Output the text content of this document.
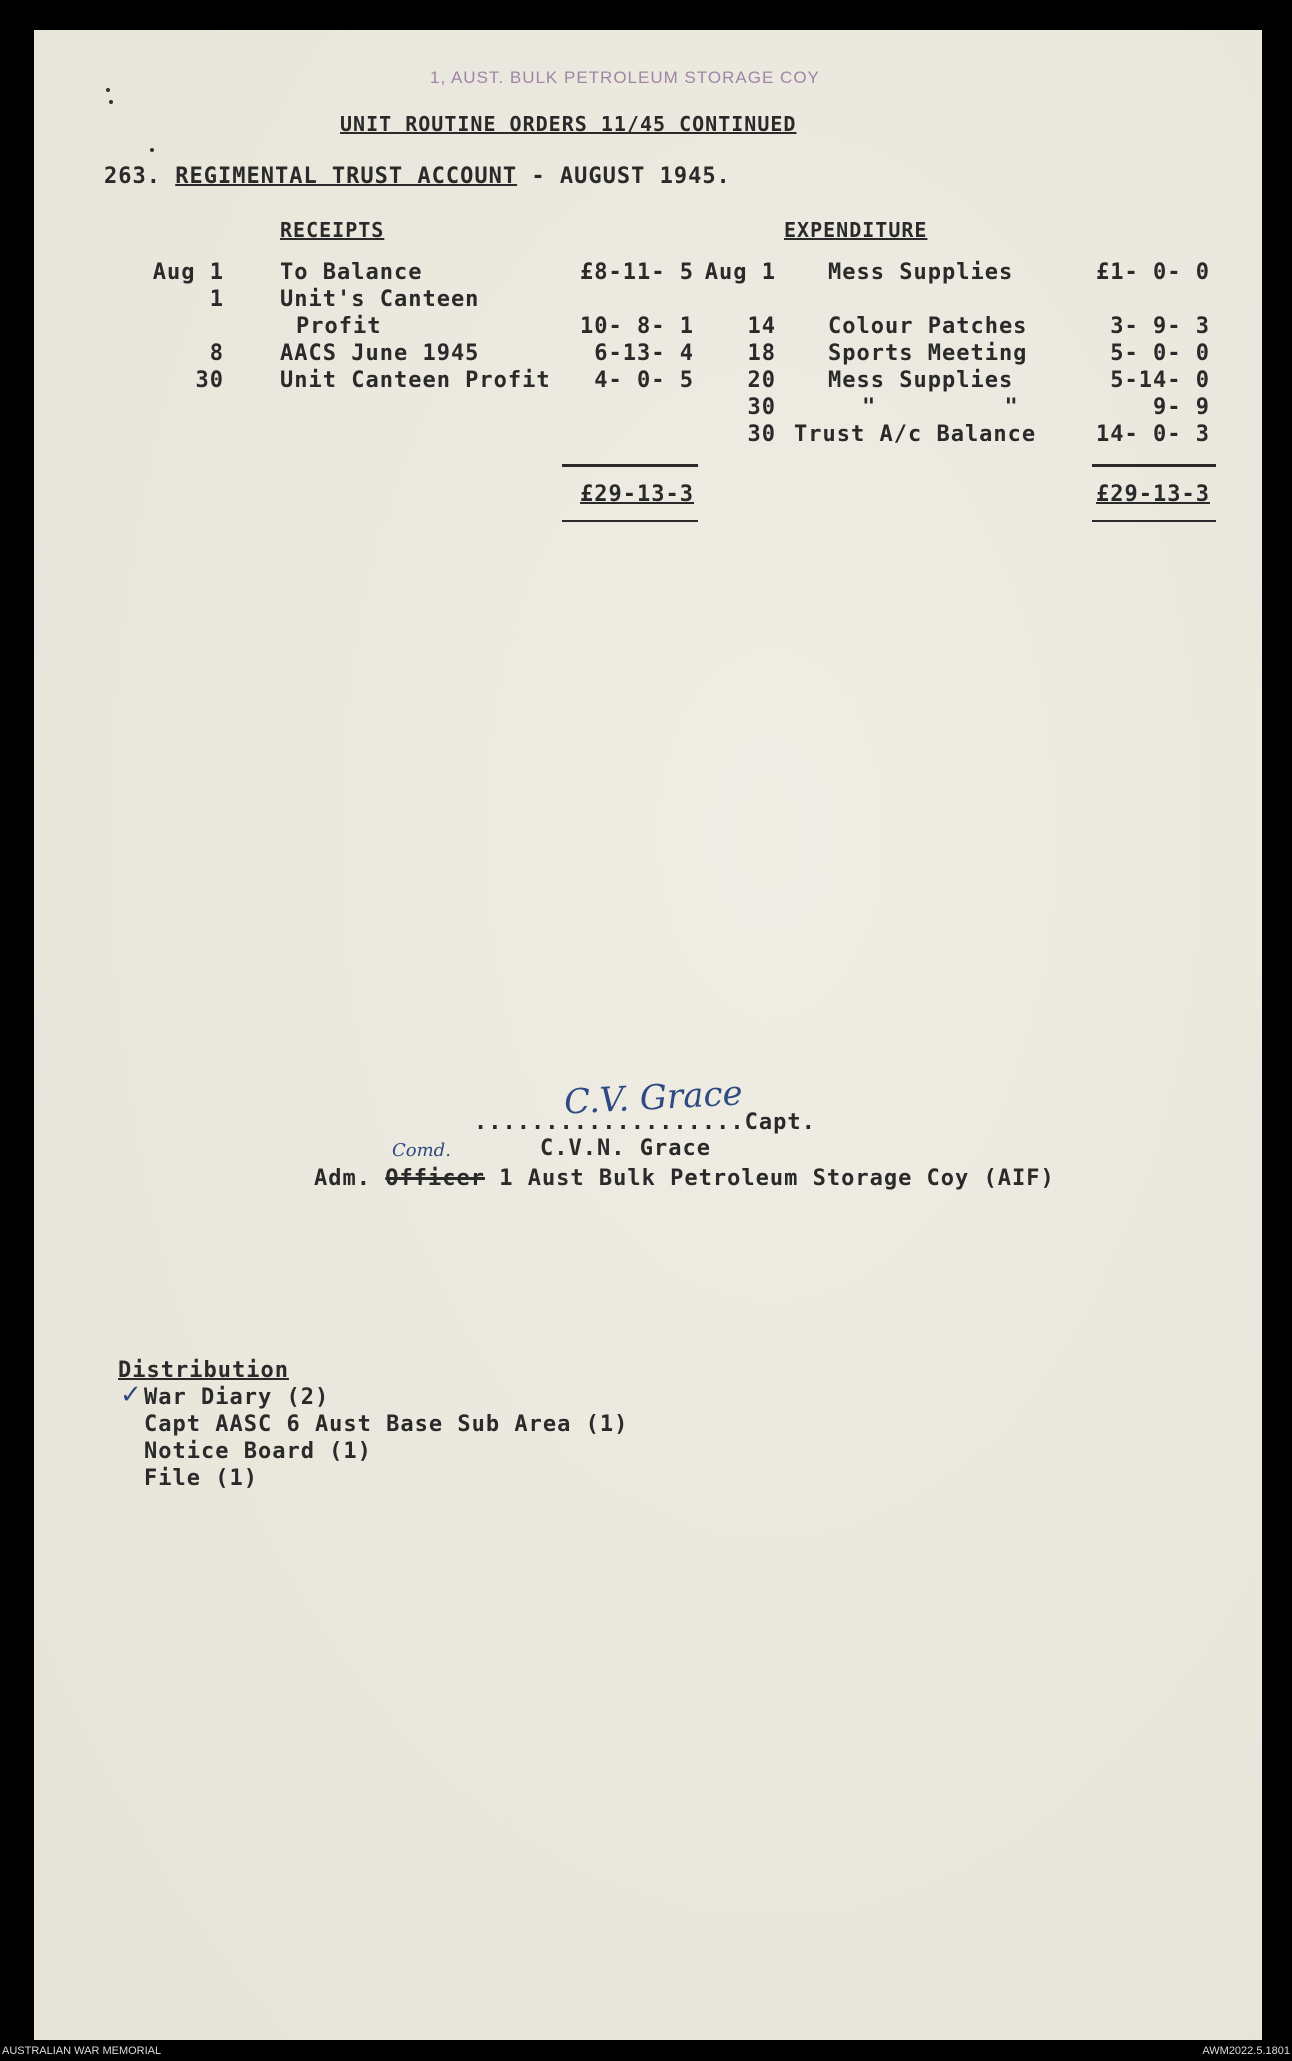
1, AUST. BULK PETROLEUM STORAGE COY
UNIT ROUTINE ORDERS 11/45 CONTINUED
263. REGIMENTAL TRUST ACCOUNT - AUGUST 1945.
RECEIPTS
Aug 1	To Balance	£8-11- 5
1	Unit's Canteen
Profit	10- 8- 1
8	AACS June 1945	6-13- 4
30	Unit Canteen Profit	4- 0- 5
£29-13-3
EXPENDITURE
Aug 1 Mess Supplies	£1- 0- 0
14 Colour Patches	3- 9- 3
18 Sports Meeting	5- 0- 0
20 Mess Supplies	5-14- 0
30	"         "	9- 9
30 Trust A/c Balance	14- 0- 3
£29-13-3
C.V. Grace
...................Capt.
C.V.N. Grace
Comd.
Adm. Officer 1 Aust Bulk Petroleum Storage Coy (AIF)
Distribution
✓ War Diary (2)
Capt AASC 6 Aust Base Sub Area (1)
Notice Board (1)
File (1)
AUSTRALIAN WAR MEMORIAL	AWM2022.5.1801
